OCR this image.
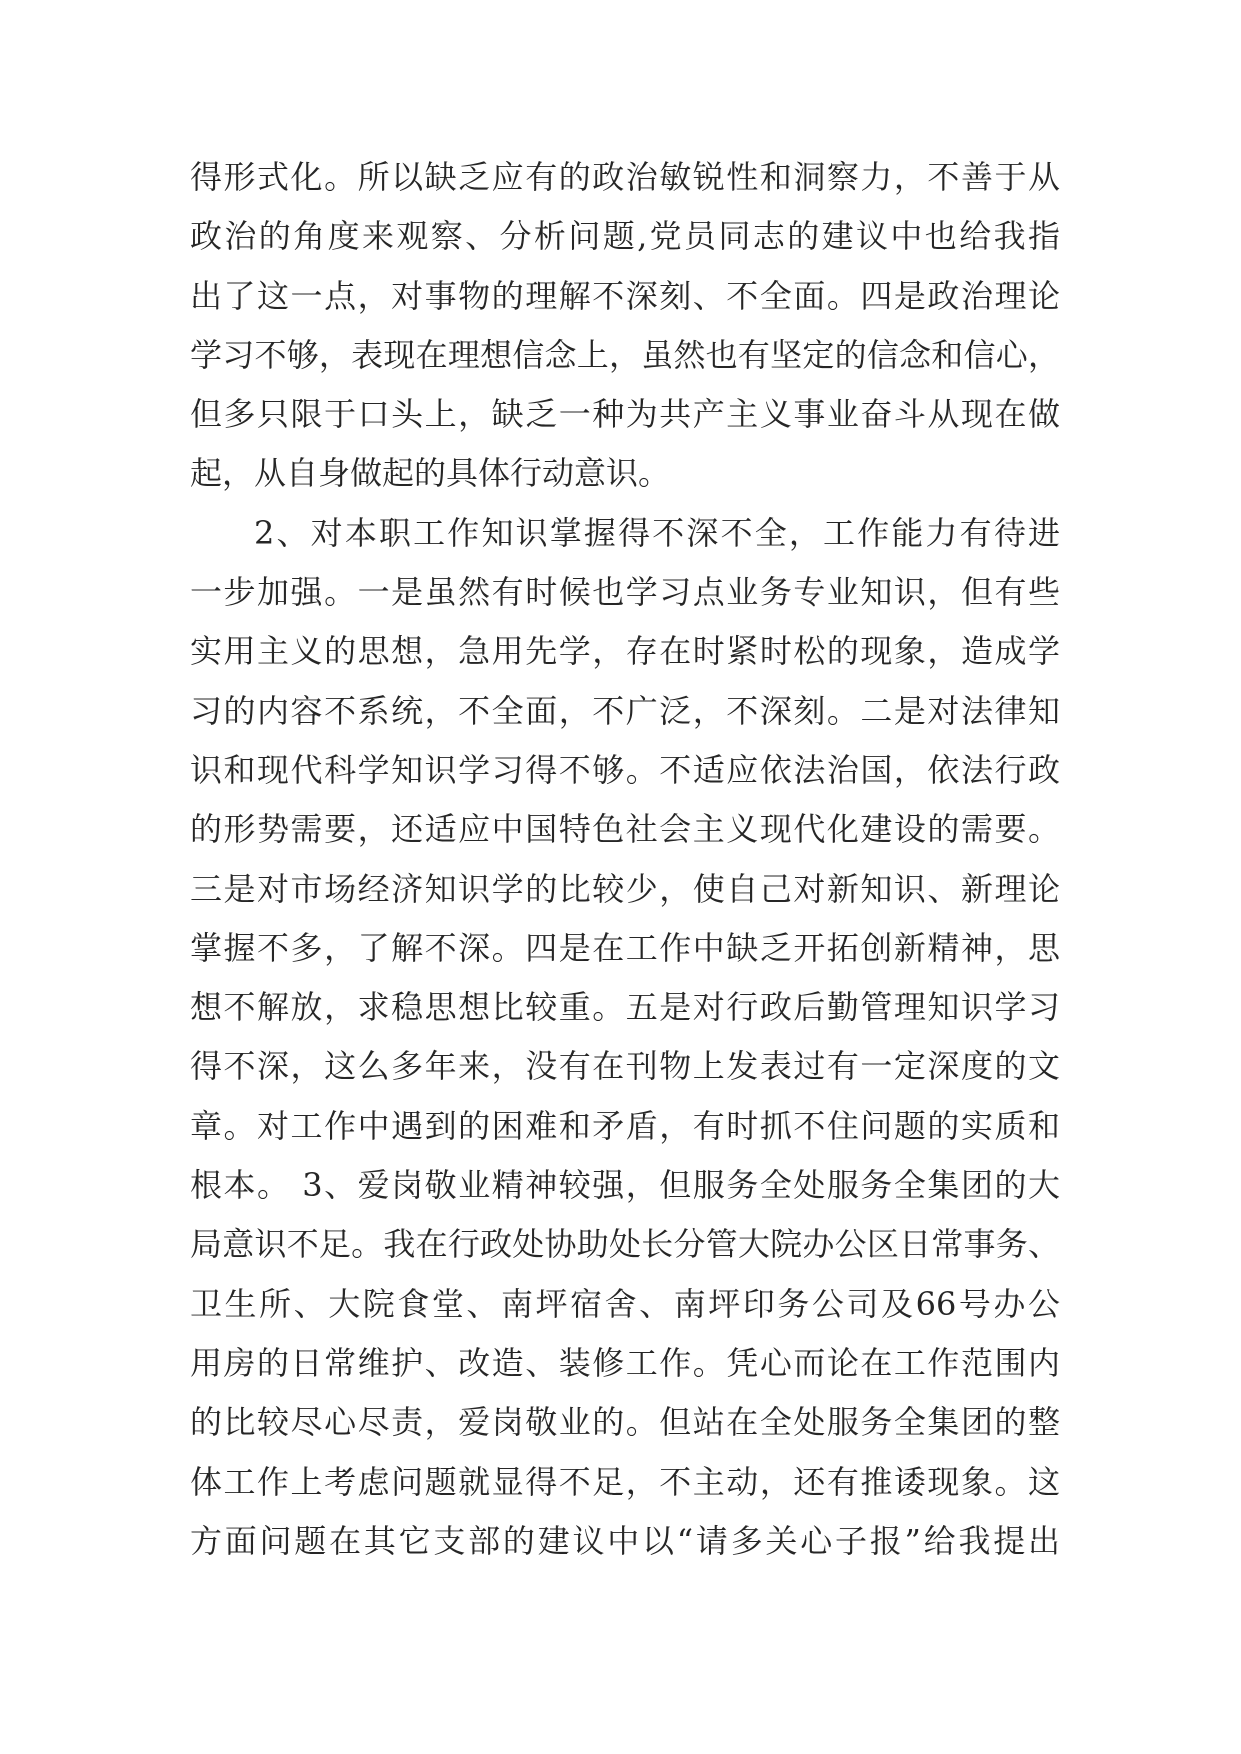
得形式化。所以缺乏应有的政治敏锐性和洞察力，不善于从
政治的角度来观察、分析问题,党员同志的建议中也给我指
出了这一点，对事物的理解不深刻、不全面。四是政治理论
学习不够，表现在理想信念上，虽然也有坚定的信念和信心，
但多只限于口头上，缺乏一种为共产主义事业奋斗从现在做
起，从自身做起的具体行动意识。
2、对本职工作知识掌握得不深不全，工作能力有待进
一步加强。一是虽然有时候也学习点业务专业知识，但有些
实用主义的思想，急用先学，存在时紧时松的现象，造成学
习的内容不系统，不全面，不广泛，不深刻。二是对法律知
识和现代科学知识学习得不够。不适应依法治国，依法行政
的形势需要，还适应中国特色社会主义现代化建设的需要。
三是对市场经济知识学的比较少，使自己对新知识、新理论
掌握不多，了解不深。四是在工作中缺乏开拓创新精神，思
想不解放，求稳思想比较重。五是对行政后勤管理知识学习
得不深，这么多年来，没有在刊物上发表过有一定深度的文
章。对工作中遇到的困难和矛盾，有时抓不住问题的实质和
根本。 3、爱岗敬业精神较强，但服务全处服务全集团的大
局意识不足。我在行政处协助处长分管大院办公区日常事务、
卫生所、大院食堂、南坪宿舍、南坪印务公司及66号办公
用房的日常维护、改造、装修工作。凭心而论在工作范围内
的比较尽心尽责，爱岗敬业的。但站在全处服务全集团的整
体工作上考虑问题就显得不足，不主动，还有推诿现象。这
方面问题在其它支部的建议中以“请多关心子报”给我提出
